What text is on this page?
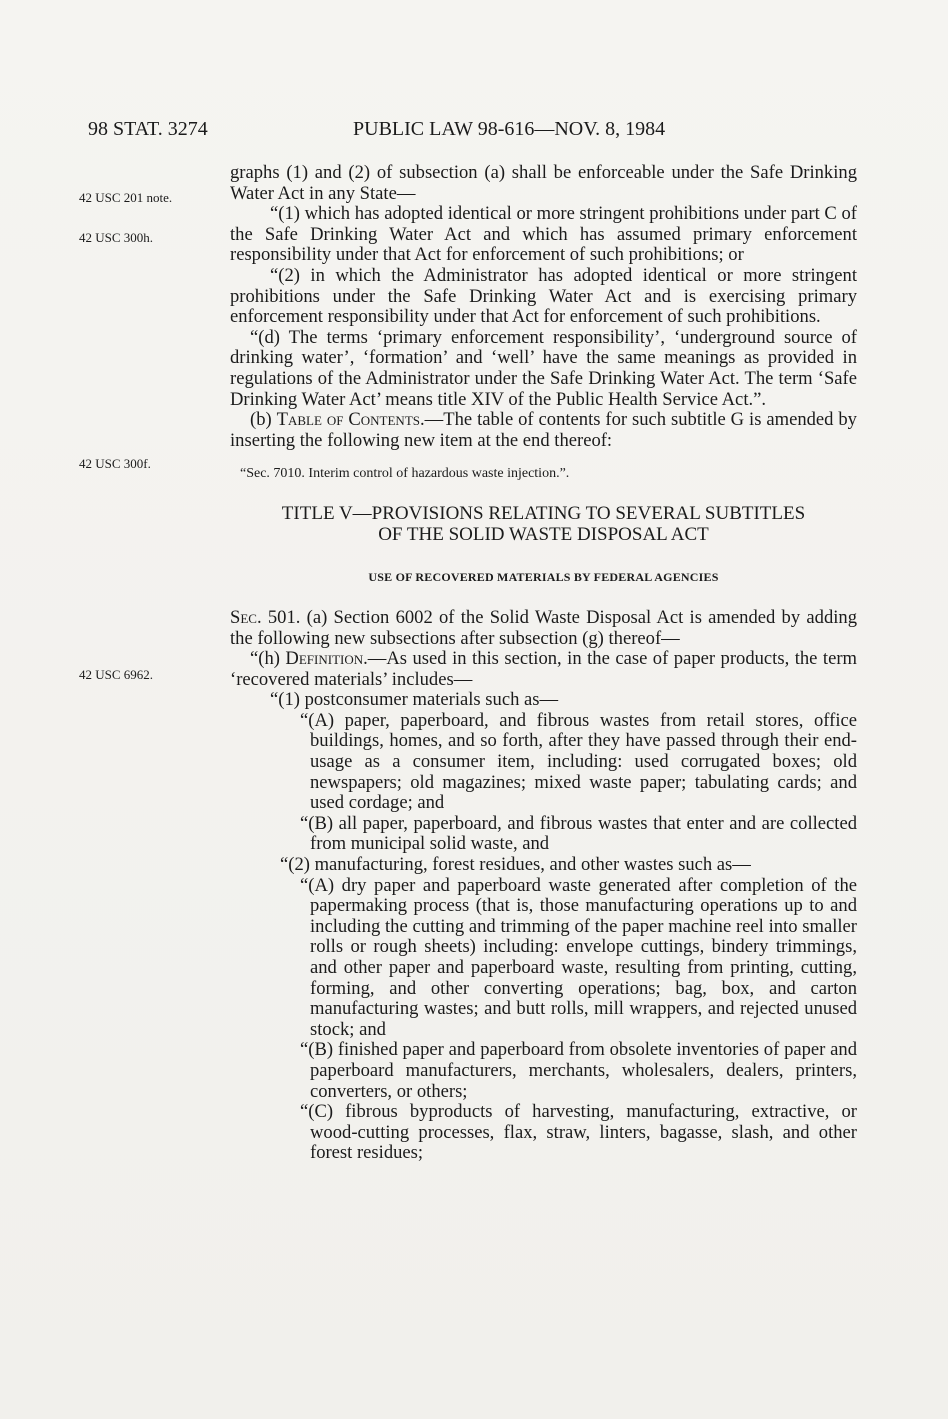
98 STAT. 3274	PUBLIC LAW 98-616—NOV. 8, 1984
42 USC 201 note.
42 USC 300h.
42 USC 300f.
42 USC 6962.

graphs (1) and (2) of subsection (a) shall be enforceable under the Safe Drinking Water Act in any State—

“(1) which has adopted identical or more stringent prohibitions under part C of the Safe Drinking Water Act and which has assumed primary enforcement responsibility under that Act for enforcement of such prohibitions; or

“(2) in which the Administrator has adopted identical or more stringent prohibitions under the Safe Drinking Water Act and is exercising primary enforcement responsibility under that Act for enforcement of such prohibitions.

“(d) The terms ‘primary enforcement responsibility’, ‘underground source of drinking water’, ‘formation’ and ‘well’ have the same meanings as provided in regulations of the Administrator under the Safe Drinking Water Act. The term ‘Safe Drinking Water Act’ means title XIV of the Public Health Service Act.”.

(b) Table of Contents.—The table of contents for such subtitle G is amended by inserting the following new item at the end thereof:

“Sec. 7010. Interim control of hazardous waste injection.”.

TITLE V—PROVISIONS RELATING TO SEVERAL SUBTITLES
OF THE SOLID WASTE DISPOSAL ACT

USE OF RECOVERED MATERIALS BY FEDERAL AGENCIES

Sec. 501. (a) Section 6002 of the Solid Waste Disposal Act is amended by adding the following new subsections after subsection (g) thereof—

“(h) Definition.—As used in this section, in the case of paper products, the term ‘recovered materials’ includes—

“(1) postconsumer materials such as—

“(A) paper, paperboard, and fibrous wastes from retail stores, office buildings, homes, and so forth, after they have passed through their end-usage as a consumer item, including: used corrugated boxes; old newspapers; old magazines; mixed waste paper; tabulating cards; and used cordage; and

“(B) all paper, paperboard, and fibrous wastes that enter and are collected from municipal solid waste, and

“(2) manufacturing, forest residues, and other wastes such as—

“(A) dry paper and paperboard waste generated after completion of the papermaking process (that is, those manufacturing operations up to and including the cutting and trimming of the paper machine reel into smaller rolls or rough sheets) including: envelope cuttings, bindery trimmings, and other paper and paperboard waste, resulting from printing, cutting, forming, and other converting operations; bag, box, and carton manufacturing wastes; and butt rolls, mill wrappers, and rejected unused stock; and

“(B) finished paper and paperboard from obsolete inventories of paper and paperboard manufacturers, merchants, wholesalers, dealers, printers, converters, or others;

“(C) fibrous byproducts of harvesting, manufacturing, extractive, or wood-cutting processes, flax, straw, linters, bagasse, slash, and other forest residues;
